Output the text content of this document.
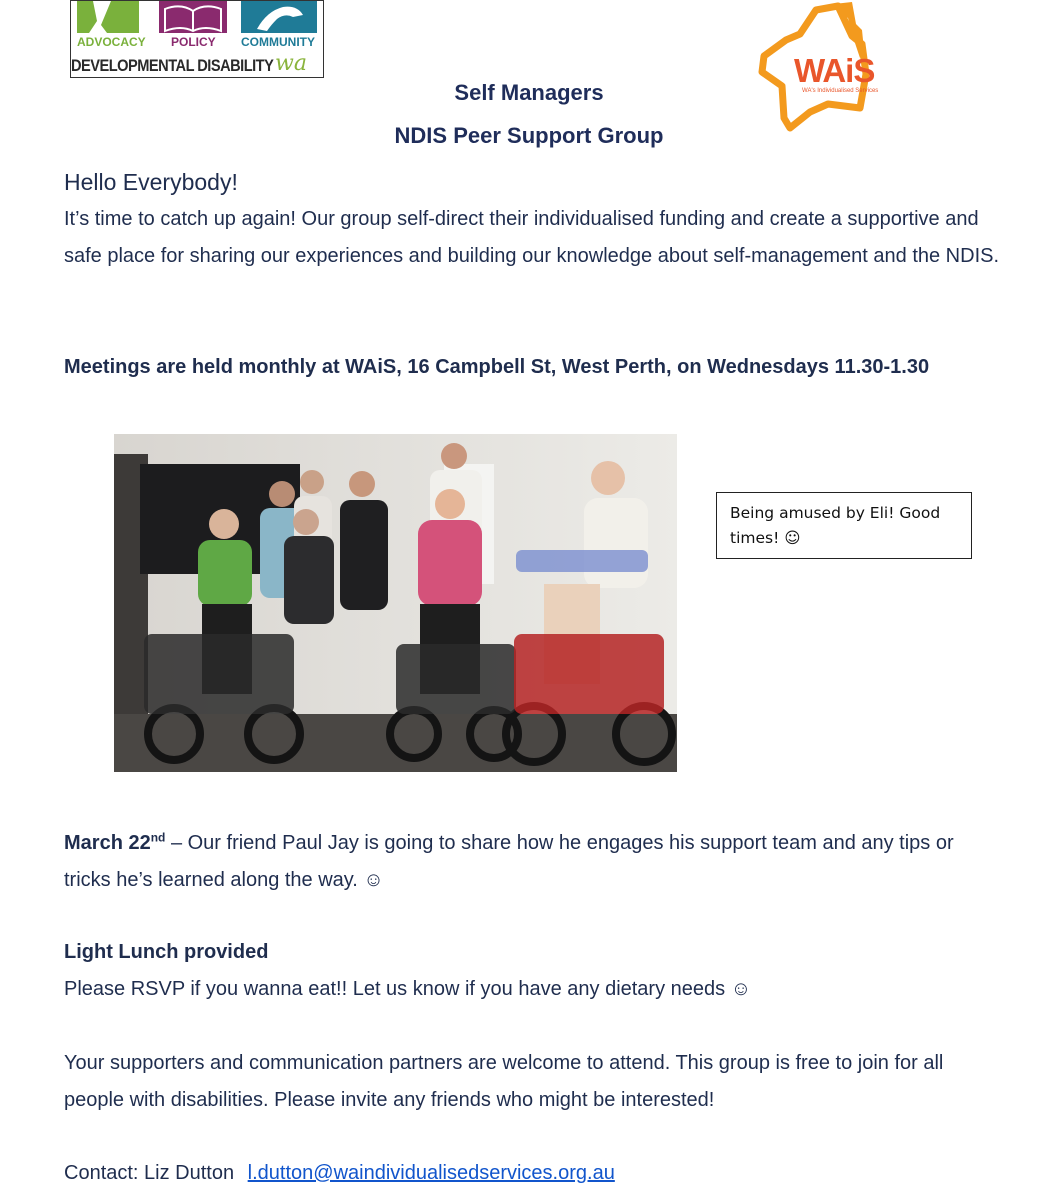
ADVOCACY POLICY COMMUNITY
DEVELOPMENTAL DISABILITY wa	WAiS
WA's Individualised Services
Self Managers
NDIS Peer Support Group
Hello Everybody!
It’s time to catch up again! Our group self-direct their individualised funding and create a supportive and safe place for sharing our experiences and building our knowledge about self-management and the NDIS.
Meetings are held monthly at WAiS, 16 Campbell St, West Perth, on Wednesdays 11.30-1.30
Being amused by Eli! Good times! ☺
March 22nd – Our friend Paul Jay is going to share how he engages his support team and any tips or tricks he’s learned along the way. ☺
Light Lunch provided
Please RSVP if you wanna eat!! Let us know if you have any dietary needs ☺
Your supporters and communication partners are welcome to attend. This group is free to join for all people with disabilities. Please invite any friends who might be interested!
Contact: Liz Dutton l.dutton@waindividualisedservices.org.au
